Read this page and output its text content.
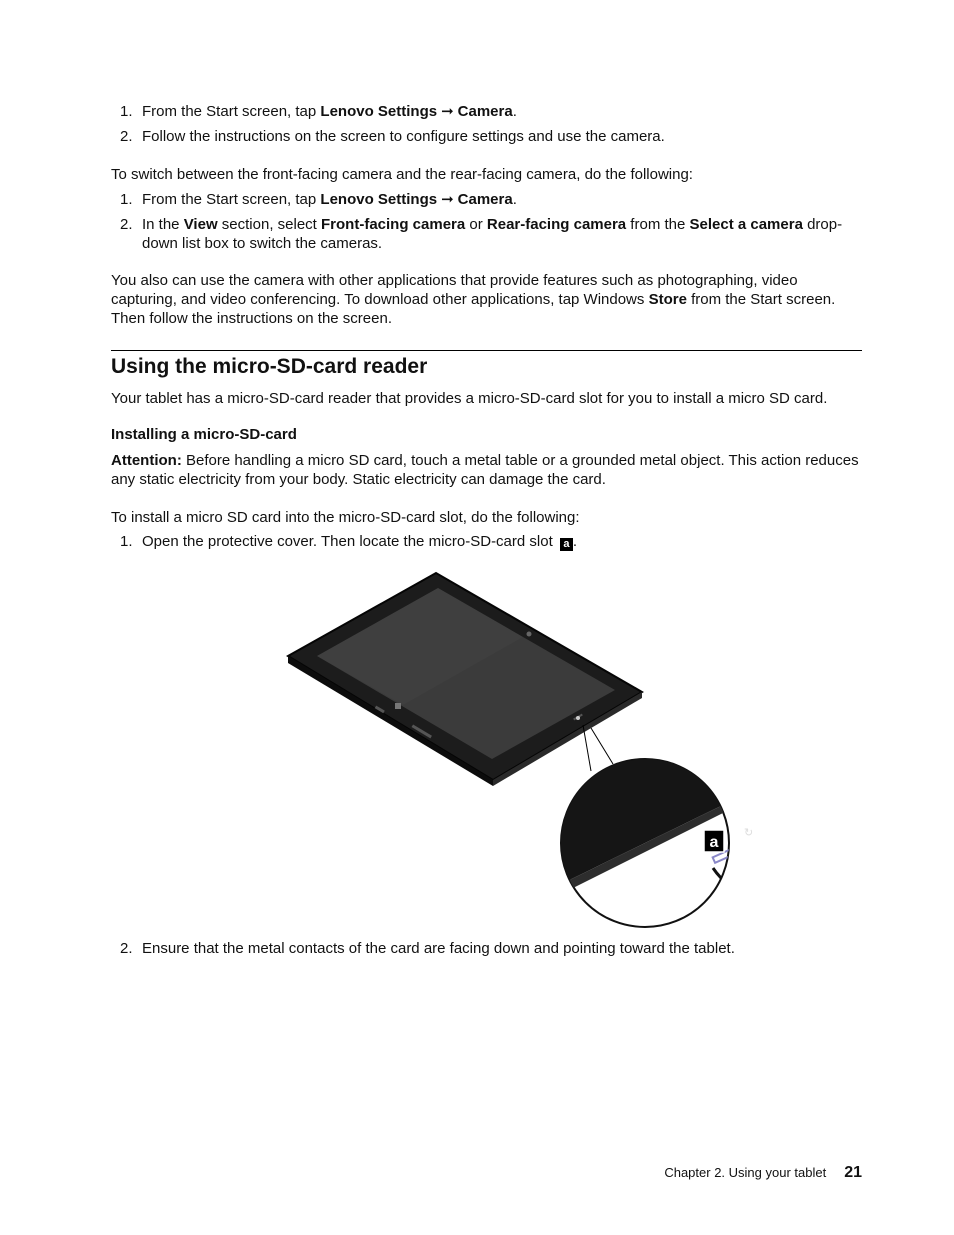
1. From the Start screen, tap Lenovo Settings ➞ Camera.
2. Follow the instructions on the screen to configure settings and use the camera.

To switch between the front-facing camera and the rear-facing camera, do the following:

1. From the Start screen, tap Lenovo Settings ➞ Camera.
2. In the View section, select Front-facing camera or Rear-facing camera from the Select a camera drop-down list box to switch the cameras.

You also can use the camera with other applications that provide features such as photographing, video capturing, and video conferencing. To download other applications, tap Windows Store from the Start screen. Then follow the instructions on the screen.

Using the micro-SD-card reader

Your tablet has a micro-SD-card reader that provides a micro-SD-card slot for you to install a micro SD card.

Installing a micro-SD-card

Attention: Before handling a micro SD card, touch a metal table or a grounded metal object. This action reduces any static electricity from your body. Static electricity can damage the card.

To install a micro SD card into the micro-SD-card slot, do the following:

1. Open the protective cover. Then locate the micro-SD-card slot a .
a
↻
2. Ensure that the metal contacts of the card are facing down and pointing toward the tablet.
Chapter 2. Using your tablet 21
